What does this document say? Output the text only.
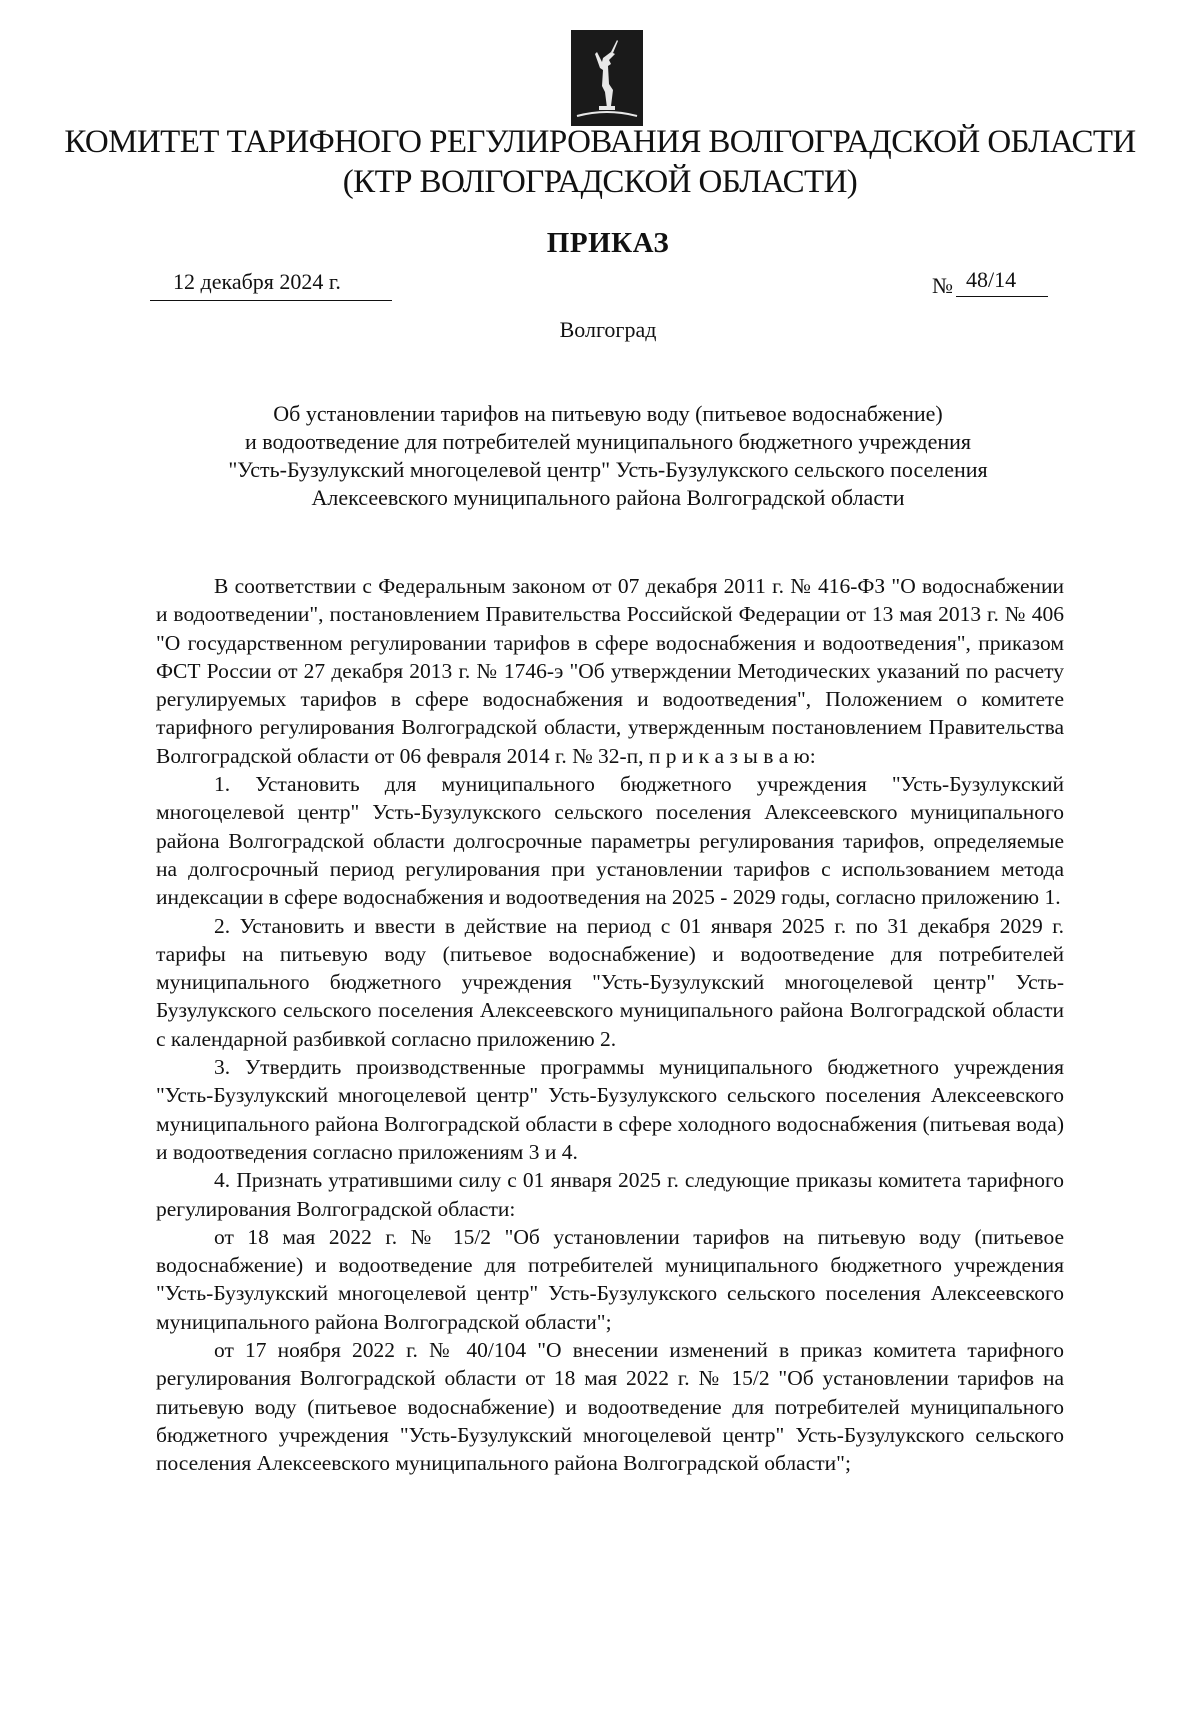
КОМИТЕТ ТАРИФНОГО РЕГУЛИРОВАНИЯ ВОЛГОГРАДСКОЙ ОБЛАСТИ
(КТР ВОЛГОГРАДСКОЙ ОБЛАСТИ)
ПРИКАЗ
12 декабря 2024 г.	№ 48/14
Волгоград
Об установлении тарифов на питьевую воду (питьевое водоснабжение)
и водоотведение для потребителей муниципального бюджетного учреждения
"Усть-Бузулукский многоцелевой центр" Усть-Бузулукского сельского поселения
Алексеевского муниципального района Волгоградской области

В соответствии с Федеральным законом от 07 декабря 2011 г. № 416-ФЗ "О водоснабжении и водоотведении", постановлением Правительства Российской Федерации от 13 мая 2013 г. № 406 "О государственном регулировании тарифов в сфере водоснабжения и водоотведения", приказом ФСТ России от 27 декабря 2013 г. № 1746-э "Об утверждении Методических указаний по расчету регулируемых тарифов в сфере водоснабжения и водоотведения", Положением о комитете тарифного регулирования Волгоградской области, утвержденным постановлением Правительства Волгоградской области от 06 февраля 2014 г. № 32-п, п р и к а з ы в а ю:

1. Установить для муниципального бюджетного учреждения "Усть-Бузулукский многоцелевой центр" Усть-Бузулукского сельского поселения Алексеевского муниципального района Волгоградской области долгосрочные параметры регулирования тарифов, определяемые на долгосрочный период регулирования при установлении тарифов с использованием метода индексации в сфере водоснабжения и водоотведения на 2025 - 2029 годы, согласно приложению 1.

2. Установить и ввести в действие на период с 01 января 2025 г. по 31 декабря 2029 г. тарифы на питьевую воду (питьевое водоснабжение) и водоотведение для потребителей муниципального бюджетного учреждения "Усть-Бузулукский многоцелевой центр" Усть-Бузулукского сельского поселения Алексеевского муниципального района Волгоградской области с календарной разбивкой согласно приложению 2.

3. Утвердить производственные программы муниципального бюджетного учреждения "Усть-Бузулукский многоцелевой центр" Усть-Бузулукского сельского поселения Алексеевского муниципального района Волгоградской области в сфере холодного водоснабжения (питьевая вода) и водоотведения согласно приложениям 3 и 4.

4. Признать утратившими силу с 01 января 2025 г. следующие приказы комитета тарифного регулирования Волгоградской области:

от 18 мая 2022 г. № 15/2 "Об установлении тарифов на питьевую воду (питьевое водоснабжение) и водоотведение для потребителей муниципального бюджетного учреждения "Усть-Бузулукский многоцелевой центр" Усть-Бузулукского сельского поселения Алексеевского муниципального района Волгоградской области";

от 17 ноября 2022 г. № 40/104 "О внесении изменений в приказ комитета тарифного регулирования Волгоградской области от 18 мая 2022 г. № 15/2 "Об установлении тарифов на питьевую воду (питьевое водоснабжение) и водоотведение для потребителей муниципального бюджетного учреждения "Усть-Бузулукский многоцелевой центр" Усть-Бузулукского сельского поселения Алексеевского муниципального района Волгоградской области";
